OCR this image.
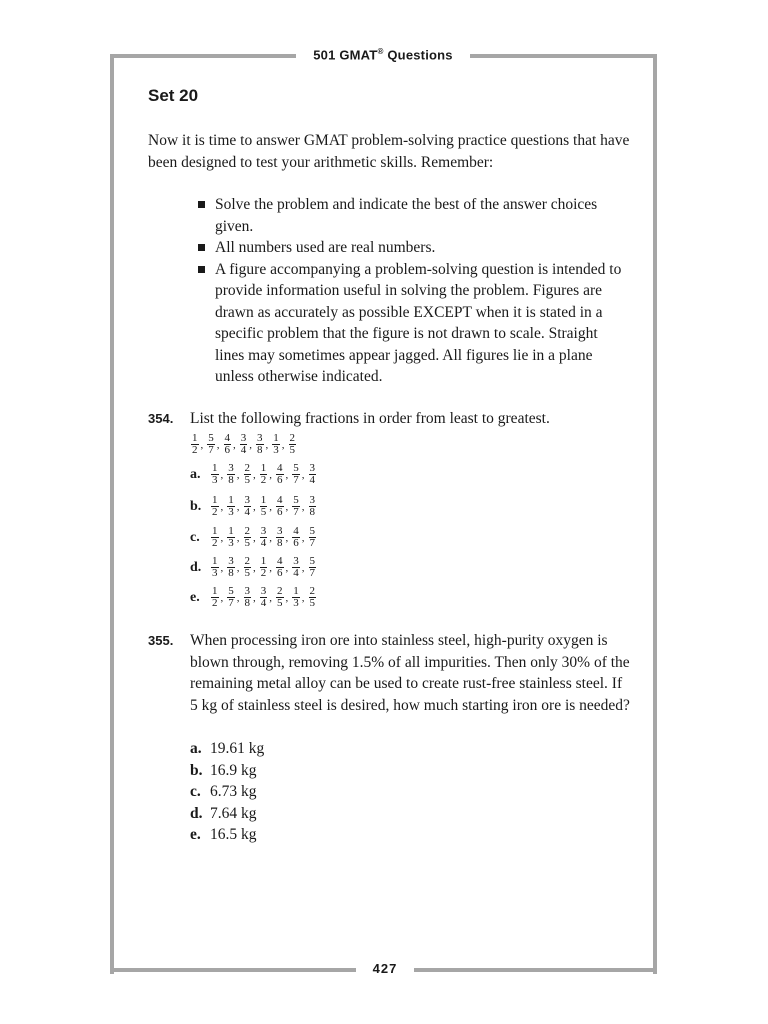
501 GMAT® Questions
Set 20
Now it is time to answer GMAT problem-solving practice questions that have been designed to test your arithmetic skills. Remember:
Solve the problem and indicate the best of the answer choices given.
All numbers used are real numbers.
A figure accompanying a problem-solving question is intended to provide information useful in solving the problem. Figures are drawn as accurately as possible EXCEPT when it is stated in a specific problem that the figure is not drawn to scale. Straight lines may sometimes appear jagged. All figures lie in a plane unless otherwise indicated.
354. List the following fractions in order from least to greatest.
$\frac{1}{2}$ , $\frac{5}{7}$ , $\frac{4}{6}$ , $\frac{3}{4}$ , $\frac{3}{8}$ , $\frac{1}{3}$ , $\frac{2}{5}$
a. $\frac{1}{3}$ , $\frac{3}{8}$ , $\frac{2}{5}$ , $\frac{1}{2}$ , $\frac{4}{6}$ , $\frac{5}{7}$ , $\frac{3}{4}$
b. $\frac{1}{2}$ , $\frac{1}{3}$ , $\frac{3}{4}$ , $\frac{1}{5}$ , $\frac{4}{6}$ , $\frac{5}{7}$ , $\frac{3}{8}$
c.	$\frac{1}{2}$ , $\frac{1}{3}$ , $\frac{2}{5}$ , $\frac{3}{4}$ , $\frac{3}{8}$ , $\frac{4}{6}$ , $\frac{5}{7}$
d. $\frac{1}{3}$ , $\frac{3}{8}$ , $\frac{2}{5}$ , $\frac{1}{2}$ , $\frac{4}{6}$ , $\frac{3}{4}$ , $\frac{5}{7}$
e.	$\frac{1}{2}$ , $\frac{5}{7}$ , $\frac{3}{8}$ , $\frac{3}{4}$ , $\frac{2}{5}$ , $\frac{1}{3}$ , $\frac{2}{5}$
355. When processing iron ore into stainless steel, high-purity oxygen is blown through, removing 1.5% of all impurities. Then only 30% of the remaining metal alloy can be used to create rust-free stainless steel. If 5 kg of stainless steel is desired, how much starting iron ore is needed?
a. 19.61 kg
b. 16.9 kg
c. 6.73 kg
d. 7.64 kg
e. 16.5 kg
427
